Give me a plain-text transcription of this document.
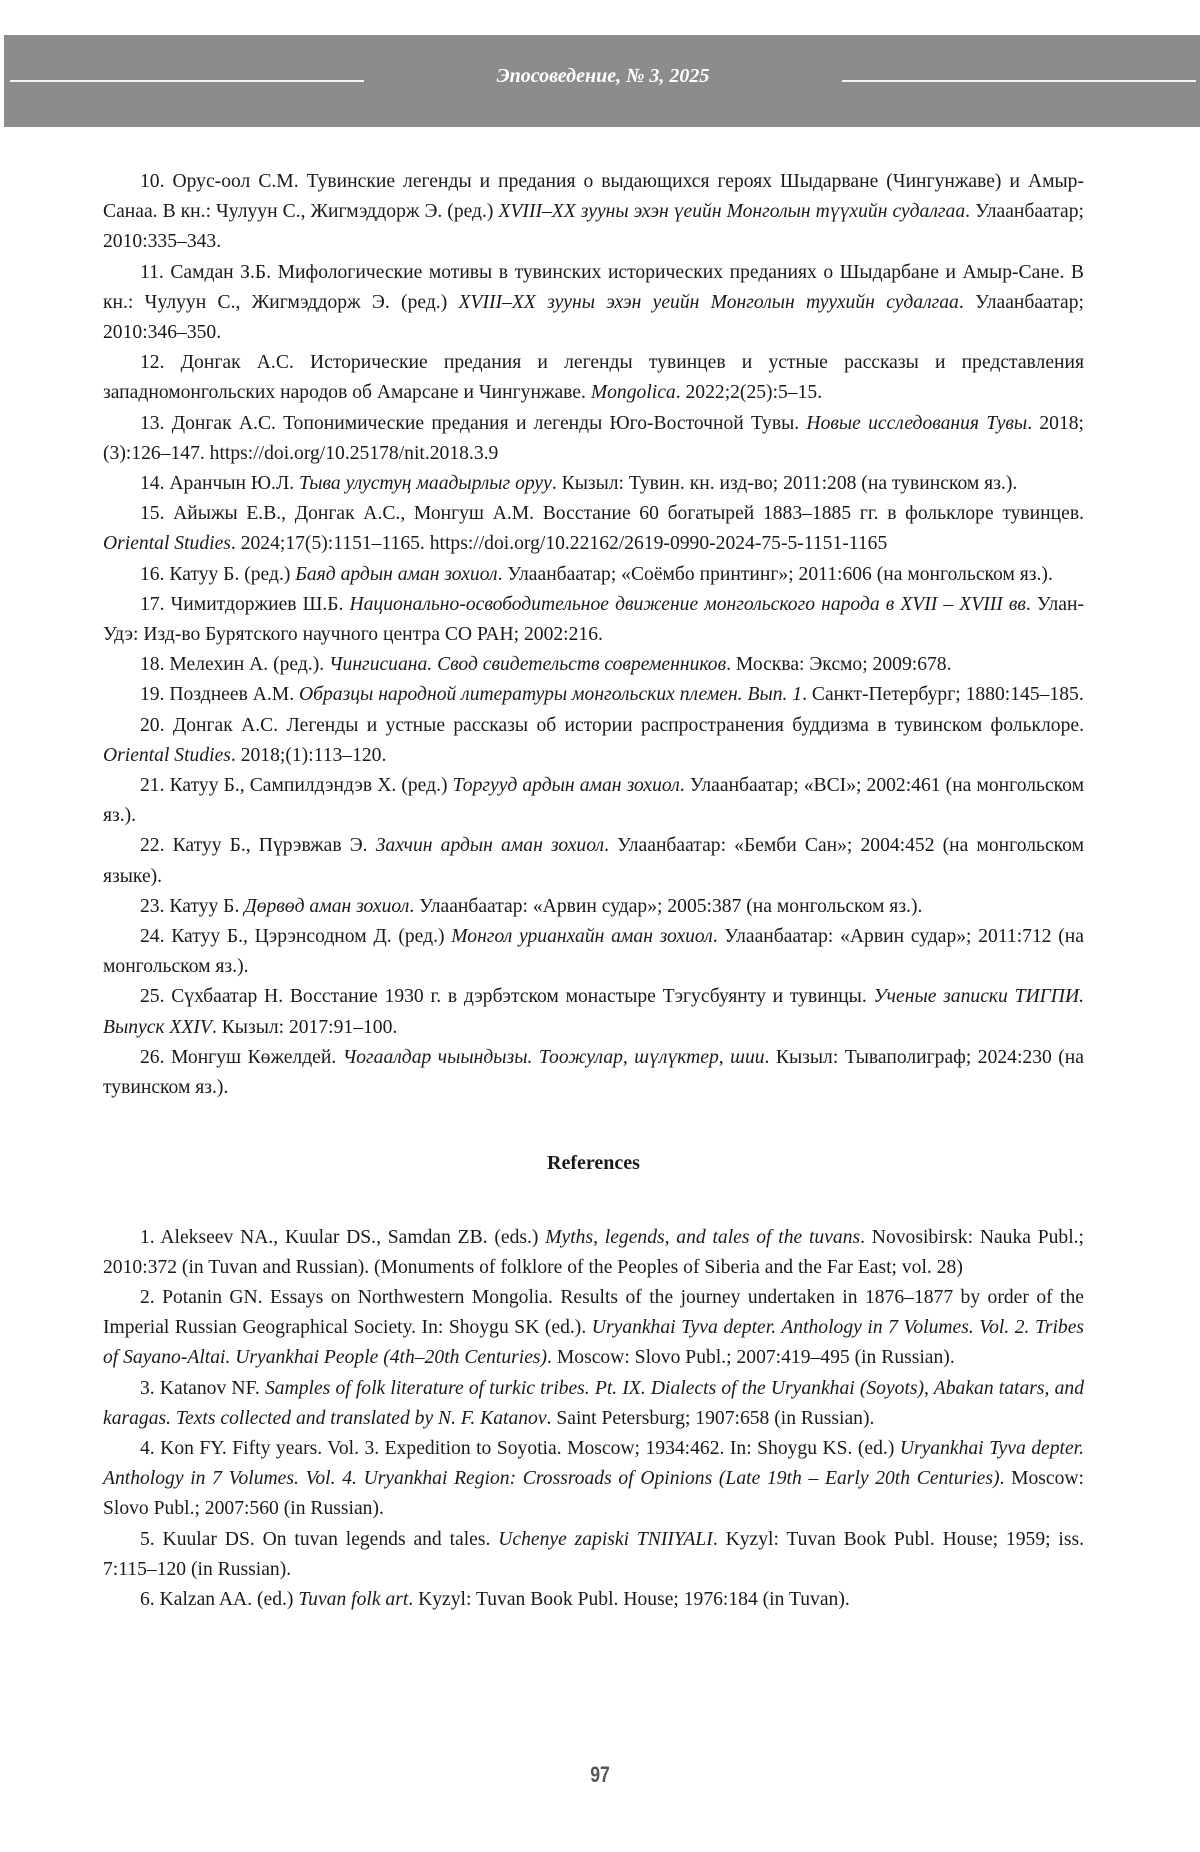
Эпосоведение, № 3, 2025

10. Орус-оол С.М. Тувинские легенды и предания о выдающихся героях Шыдарване (Чингунжаве) и Амыр-Санаа. В кн.: Чулуун С., Жигмэддорж Э. (ред.) XVIII–XX зууны эхэн үеийн Монголын түүхийн судалгаа. Улаанбаатар; 2010:335–343.

11. Самдан З.Б. Мифологические мотивы в тувинских исторических преданиях о Шыдарбане и Амыр-Сане. В кн.: Чулуун С., Жигмэддорж Э. (ред.) XVIII–XX зууны эхэн уеийн Монголын туухийн судалгаа. Улаанбаатар; 2010:346–350.

12. Донгак А.С. Исторические предания и легенды тувинцев и устные рассказы и представления западномонгольских народов об Амарсане и Чингунжаве. Mongolica. 2022;2(25):5–15.

13. Донгак А.С. Топонимические предания и легенды Юго-Восточной Тувы. Новые исследования Тувы. 2018;(3):126–147. https://doi.org/10.25178/nit.2018.3.9

14. Аранчын Ю.Л. Тыва улустуӊ маадырлыг оруу. Кызыл: Тувин. кн. изд-во; 2011:208 (на тувинском яз.).

15. Айыжы Е.В., Донгак А.С., Монгуш А.М. Восстание 60 богатырей 1883–1885 гг. в фольклоре тувинцев. Oriental Studies. 2024;17(5):1151–1165. https://doi.org/10.22162/2619-0990-2024-75-5-1151-1165

16. Катуу Б. (ред.) Баяд ардын аман зохиол. Улаанбаатар; «Соёмбо принтинг»; 2011:606 (на монгольском яз.).

17. Чимитдоржиев Ш.Б. Национально-освободительное движение монгольского народа в XVII – XVIII вв. Улан-Удэ: Изд-во Бурятского научного центра СО РАН; 2002:216.

18. Мелехин А. (ред.). Чингисиана. Свод свидетельств современников. Москва: Эксмо; 2009:678.

19. Позднеев А.М. Образцы народной литературы монгольских племен. Вып. 1. Санкт-Петербург; 1880:145–185.

20. Донгак А.С. Легенды и устные рассказы об истории распространения буддизма в тувинском фольклоре. Oriental Studies. 2018;(1):113–120.

21. Катуу Б., Сампилдэндэв Х. (ред.) Торгууд ардын аман зохиол. Улаанбаатар; «BCI»; 2002:461 (на монгольском яз.).

22. Катуу Б., Пүрэвжав Э. Захчин ардын аман зохиол. Улаанбаатар: «Бемби Сан»; 2004:452 (на монгольском языке).

23. Катуу Б. Дөрвөд аман зохиол. Улаанбаатар: «Арвин судар»; 2005:387 (на монгольском яз.).

24. Катуу Б., Цэрэнсодном Д. (ред.) Монгол урианхайн аман зохиол. Улаанбаатар: «Арвин судар»; 2011:712 (на монгольском яз.).

25. Сүхбаатар Н. Восстание 1930 г. в дэрбэтском монастыре Тэгусбуянту и тувинцы. Ученые записки ТИГПИ. Выпуск XXIV. Кызыл: 2017:91–100.

26. Монгуш Көжелдей. Чогаалдар чыындызы. Тоожулар, шүлүктер, шии. Кызыл: Тываполиграф; 2024:230 (на тувинском яз.).

References

1. Alekseev NA., Kuular DS., Samdan ZB. (eds.) Myths, legends, and tales of the tuvans. Novosibirsk: Nauka Publ.; 2010:372 (in Tuvan and Russian). (Monuments of folklore of the Peoples of Siberia and the Far East; vol. 28)

2. Potanin GN. Essays on Northwestern Mongolia. Results of the journey undertaken in 1876–1877 by order of the Imperial Russian Geographical Society. In: Shoygu SK (ed.). Uryankhai Tyva depter. Anthology in 7 Volumes. Vol. 2. Tribes of Sayano-Altai. Uryankhai People (4th–20th Centuries). Moscow: Slovo Publ.; 2007:419–495 (in Russian).

3. Katanov NF. Samples of folk literature of turkic tribes. Pt. IX. Dialects of the Uryankhai (Soyots), Abakan tatars, and karagas. Texts collected and translated by N. F. Katanov. Saint Petersburg; 1907:658 (in Russian).

4. Kon FY. Fifty years. Vol. 3. Expedition to Soyotia. Moscow; 1934:462. In: Shoygu KS. (ed.) Uryankhai Tyva depter. Anthology in 7 Volumes. Vol. 4. Uryankhai Region: Crossroads of Opinions (Late 19th – Early 20th Centuries). Moscow: Slovo Publ.; 2007:560 (in Russian).

5. Kuular DS. On tuvan legends and tales. Uchenye zapiski TNIIYALI. Kyzyl: Tuvan Book Publ. House; 1959; iss. 7:115–120 (in Russian).

6. Kalzan AA. (ed.) Tuvan folk art. Kyzyl: Tuvan Book Publ. House; 1976:184 (in Tuvan).

97
